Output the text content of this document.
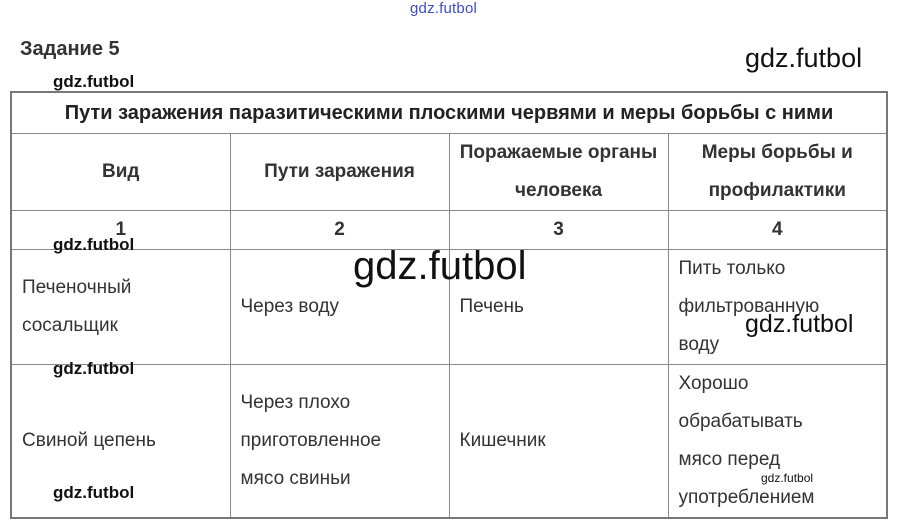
gdz.futbol
Задание 5	gdz.futbol
gdz.futbol
Пути заражения паразитическими плоскими червями и меры борьбы с ними			
Вид	Пути заражения	Поражаемые органы человека	Меры борьбы и профилактики
1	2	3	4

Печеночный сосальщик	Через воду	Печень	Пить только фильтрованную воду

Свиной цепень	Через плохо приготовленное мясо свиньи	Кишечник	Хорошо обрабатывать мясо перед употреблением
gdz.futbol	gdz.futbol
gdz.futbol
gdz.futbol
gdz.futbol
gdz.futbol
